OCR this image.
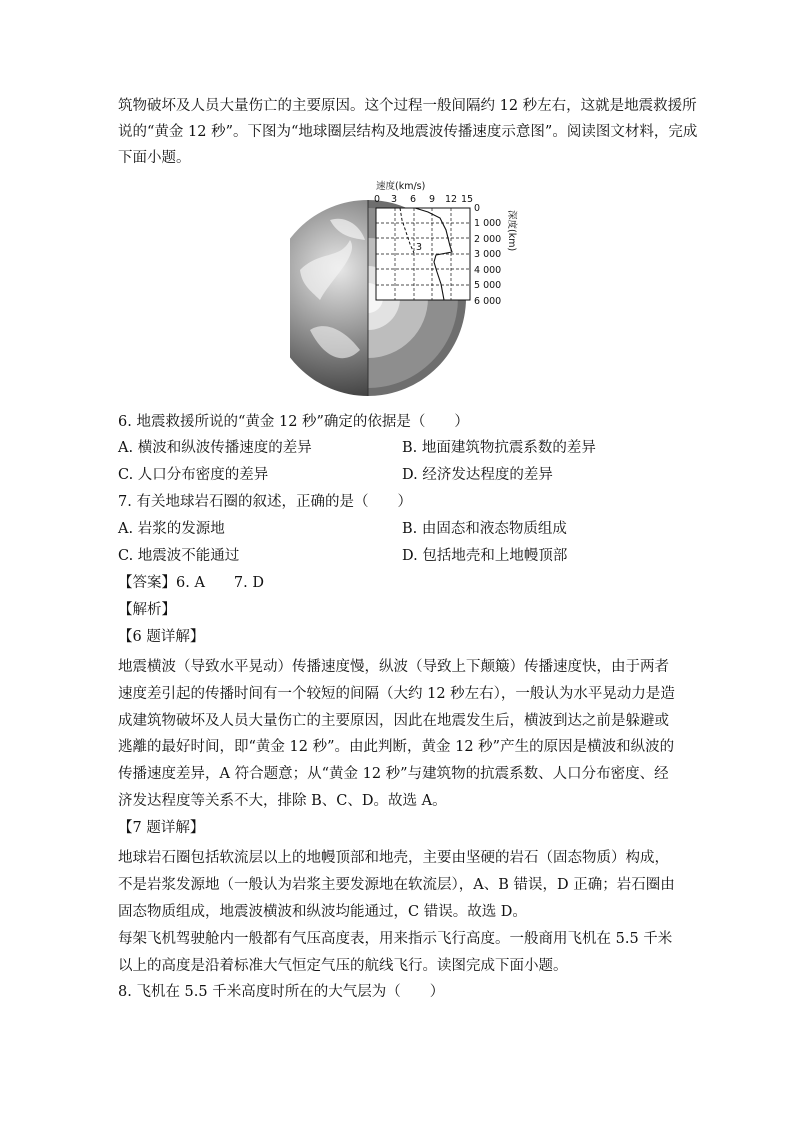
筑物破坏及人员大量伤亡的主要原因。这个过程一般间隔约 12 秒左右，这就是地震救援所
说的“黄金 12 秒”。下图为“地球圈层结构及地震波传播速度示意图”。阅读图文材料，完成
下面小题。
3
速度(km/s)
0 3 6 9 12 15
0
1 000
2 000
3 000
4 000
5 000
6 000
深度(km)
6. 地震救援所说的“黄金 12 秒”确定的依据是（　　）
A. 横波和纵波传播速度的差异	B. 地面建筑物抗震系数的差异
C. 人口分布密度的差异	D. 经济发达程度的差异
7. 有关地球岩石圈的叙述，正确的是（　　）
A. 岩浆的发源地	B. 由固态和液态物质组成
C. 地震波不能通过	D. 包括地壳和上地幔顶部
【答案】6. A　　7. D
【解析】
【6 题详解】
地震横波（导致水平晃动）传播速度慢，纵波（导致上下颠簸）传播速度快，由于两者速度差引起的传播时间有一个较短的间隔（大约 12 秒左右），一般认为水平晃动力是造成建筑物破坏及人员大量伤亡的主要原因，因此在地震发生后，横波到达之前是躲避或逃離的最好时间，即“黄金 12 秒”。由此判断，黄金 12 秒”产生的原因是横波和纵波的传播速度差异，A 符合题意；从“黄金 12 秒”与建筑物的抗震系数、人口分布密度、经济发达程度等关系不大，排除 B、C、D。故选 A。
【7 题详解】
地球岩石圈包括软流层以上的地幔顶部和地壳，主要由坚硬的岩石（固态物质）构成，不是岩浆发源地（一般认为岩浆主要发源地在软流层），A、B 错误，D 正确；岩石圈由固态物质组成，地震波横波和纵波均能通过，C 错误。故选 D。
每架飞机驾驶舱内一般都有气压高度表，用来指示飞行高度。一般商用飞机在 5.5 千米以上的高度是沿着标准大气恒定气压的航线飞行。读图完成下面小题。
8. 飞机在 5.5 千米高度时所在的大气层为（　　）
